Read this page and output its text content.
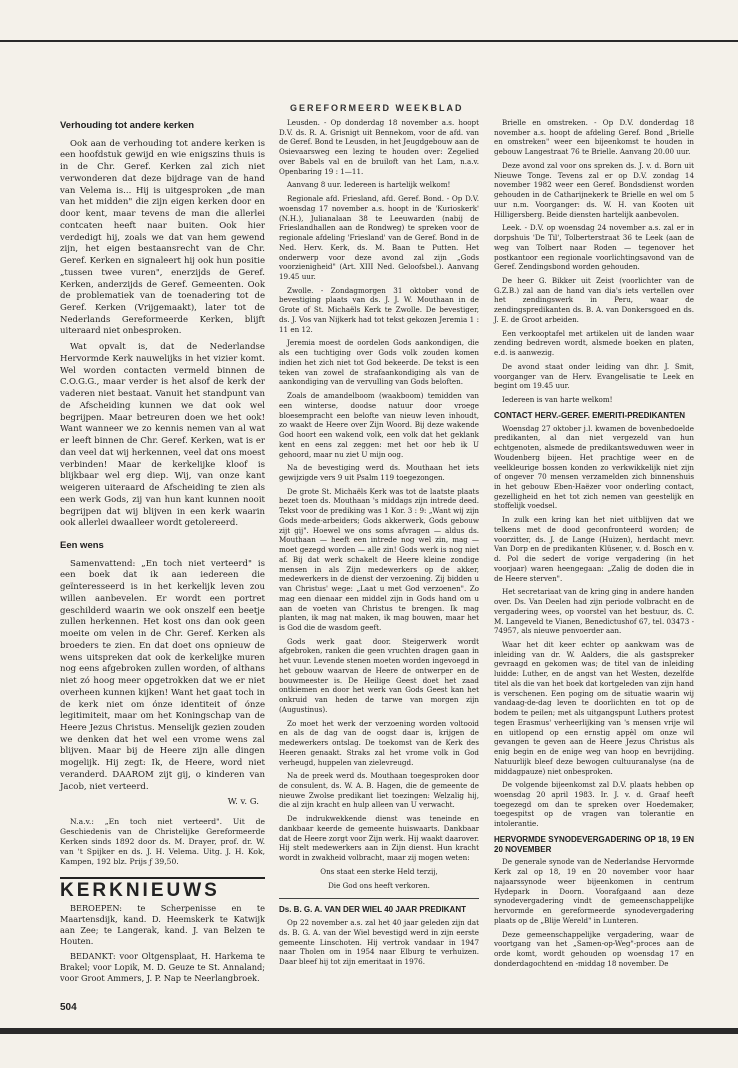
GEREFORMEERD WEEKBLAD
Verhouding tot andere kerken

Ook aan de verhouding tot andere kerken is een hoofdstuk gewijd en wie enigszins thuis is in de Chr. Geref. Kerken zal zich niet verwonderen dat deze bijdrage van de hand van Velema is... Hij is uitgesproken „de man van het midden" die zijn eigen kerken door en door kent, maar tevens de man die allerlei contcaten heeft naar buiten. Ook hier verdedigt hij, zoals we dat van hem gewend zijn, het eigen bestaansrecht van de Chr. Geref. Kerken en signaleert hij ook hun positie „tussen twee vuren", enerzijds de Geref. Kerken, anderzijds de Geref. Gemeenten. Ook de problematiek van de toenadering tot de Geref. Kerken (Vrijgemaakt), later tot de Nederlands Gereformeerde Kerken, blijft uiteraard niet onbesproken.

Wat opvalt is, dat de Nederlandse Hervormde Kerk nauwelijks in het vizier komt. Wel worden contacten vermeld binnen de C.O.G.G., maar verder is het alsof de kerk der vaderen niet bestaat. Vanuit het standpunt van de Afscheiding kunnen we dat ook wel begrijpen. Maar betreuren doen we het ook! Want wanneer we zo kennis nemen van al wat er leeft binnen de Chr. Geref. Kerken, wat is er dan veel dat wij herkennen, veel dat ons moest verbinden! Maar de kerkelijke kloof is blijkbaar wel erg diep. Wij, van onze kant weigeren uiteraard de Afscheiding te zien als een werk Gods, zij van hun kant kunnen nooit begrijpen dat wij blijven in een kerk waarin ook allerlei dwaalleer wordt getolereerd.

Een wens

Samenvattend: „En toch niet verteerd" is een boek dat ik aan iedereen die geïnteresseerd is in het kerkelijk leven zou willen aanbevelen. Er wordt een portret geschilderd waarin we ook onszelf een beetje zullen herkennen. Het kost ons dan ook geen moeite om velen in de Chr. Geref. Kerken als broeders te zien. En dat doet ons opnieuw de wens uitspreken dat ook de kerkelijke muren nog eens afgebroken zullen worden, of althans niet zó hoog meer opgetrokken dat we er niet overheen kunnen kijken! Want het gaat toch in de kerk niet om ónze identiteit of ónze legitimiteit, maar om het Koningschap van de Heere Jezus Christus. Menselijk gezien zouden we denken dat het wel een vrome wens zal blijven. Maar bij de Heere zijn alle dingen mogelijk. Hij zegt: Ik, de Heere, word niet veranderd. DAAROM zijt gij, o kinderen van Jacob, niet verteerd.

W. v. G.

N.a.v.: „En toch niet verteerd". Uit de Geschiedenis van de Christelijke Gereformeerde Kerken sinds 1892 door ds. M. Drayer, prof. dr. W. van 't Spijker en ds. J. H. Velema. Uitg. J. H. Kok, Kampen, 192 blz. Prijs ƒ 39,50.

KERKNIEUWS

BEROEPEN: te Scherpenisse en te Maartensdijk, kand. D. Heemskerk te Katwijk aan Zee; te Langerak, kand. J. van Belzen te Houten.

BEDANKT: voor Oltgensplaat, H. Harkema te Brakel; voor Lopik, M. D. Geuze te St. Annaland; voor Groot Ammers, J. P. Nap te Neerlangbroek.

Leusden. - Op donderdag 18 november a.s. hoopt D.V. ds. R. A. Grisnigt uit Bennekom, voor de afd. van de Geref. Bond te Leusden, in het Jeugdgebouw aan de Osievaarsweg een lezing te houden over: Zegelied over Babels val en de bruiloft van het Lam, n.a.v. Openbaring 19 : 1—11.

Aanvang 8 uur. Iedereen is hartelijk welkom!

Regionale afd. Friesland, afd. Geref. Bond. - Op D.V. woensdag 17 november a.s. hoopt in de 'Kurioskerk' (N.H.), Julianalaan 38 te Leeuwarden (nabij de Frieslandhallen aan de Rondweg) te spreken voor de regionale afdeling 'Friesland' van de Geref. Bond in de Ned. Herv. Kerk, ds. M. Baan te Putten. Het onderwerp voor deze avond zal zijn „Gods voorzienigheid" (Art. XIII Ned. Geloofsbel.). Aanvang 19.45 uur.

Zwolle. - Zondagmorgen 31 oktober vond de bevestiging plaats van ds. J. J. W. Mouthaan in de Grote of St. Michaëls Kerk te Zwolle. De bevestiger, ds. J. Vos van Nijkerk had tot tekst gekozen Jeremia 1 : 11 en 12.

Jeremia moest de oordelen Gods aankondigen, die als een tuchtiging over Gods volk zouden komen indien het zich niet tot God bekeerde. De tekst is een teken van zowel de strafaankondiging als van de aankondiging van de vervulling van Gods beloften.

Zoals de amandelboom (waakboom) temidden van een winterse, doodse natuur door vroege bloesempracht een belofte van nieuw leven inhoudt, zo waakt de Heere over Zijn Woord. Bij deze wakende God hoort een wakend volk, een volk dat het geklank kent en eens zal zeggen: met het oor heb ik U gehoord, maar nu ziet U mijn oog.

Na de bevestiging werd ds. Mouthaan het iets gewijzigde vers 9 uit Psalm 119 toegezongen.

De grote St. Michaëls Kerk was tot de laatste plaats bezet toen ds. Mouthaan 's middags zijn intrede deed. Tekst voor de prediking was 1 Kor. 3 : 9: „Want wij zijn Gods mede-arbeiders; Gods akkerwerk, Gods gebouw zijt gij". Hoewel we ons soms afvragen — aldus ds. Mouthaan — heeft een intrede nog wel zin, mag — moet gezegd worden — alle zin! Gods werk is nog niet af. Bij dat werk schakelt de Heere kleine zondige mensen in als Zijn medewerkers op de akker, medewerkers in de dienst der verzoening. Zij bidden u van Christus' wege: „Laat u met God verzoenen". Zo mag een dienaar een middel zijn in Gods hand om u aan de voeten van Christus te brengen. Ik mag planten, ik mag nat maken, ik mag bouwen, maar het is God die de wasdom geeft.

Gods werk gaat door. Steigerwerk wordt afgebroken, ranken die geen vruchten dragen gaan in het vuur. Levende stenen moeten worden ingevoegd in het gebouw waarvan de Heere de ontwerper en de bouwmeester is. De Heilige Geest doet het zaad ontkiemen en door het werk van Gods Geest kan het onkruid van heden de tarwe van morgen zijn (Augustinus).

Zo moet het werk der verzoening worden voltooid en als de dag van de oogst daar is, krijgen de medewerkers ontslag. De toekomst van de Kerk des Heeren genaakt. Straks zal het vrome volk in God verheugd, huppelen van zielevreugd.

Na de preek werd ds. Mouthaan toegesproken door de consulent, ds. W. A. B. Hagen, die de gemeente de nieuwe Zwolse predikant liet toezingen: Welzalig hij, die al zijn kracht en hulp alleen van U verwacht.

De indrukwekkende dienst was teneinde en dankbaar keerde de gemeente huiswaarts. Dankbaar dat de Heere zorgt voor Zijn werk. Hij waakt daarover. Hij stelt medewerkers aan in Zijn dienst. Hun kracht wordt in zwakheid volbracht, maar zij mogen weten:

Ons staat een sterke Held terzij,

Die God ons heeft verkoren.

Ds. B. G. A. VAN DER WIEL 40 JAAR PREDIKANT

Op 22 november a.s. zal het 40 jaar geleden zijn dat ds. B. G. A. van der Wiel bevestigd werd in zijn eerste gemeente Linschoten. Hij vertrok vandaar in 1947 naar Tholen om in 1954 naar Elburg te verhuizen. Daar bleef hij tot zijn emeritaat in 1976.

Brielle en omstreken. - Op D.V. donderdag 18 november a.s. hoopt de afdeling Geref. Bond „Brielle en omstreken" weer een bijeenkomst te houden in gebouw Langestraat 76 te Brielle. Aanvang 20.00 uur.

Deze avond zal voor ons spreken ds. J. v. d. Born uit Nieuwe Tonge. Tevens zal er op D.V. zondag 14 november 1982 weer een Geref. Bondsdienst worden gehouden in de Catharijnekerk te Brielle en wel om 5 uur n.m. Voorganger: ds. W. H. van Kooten uit Hilligersberg. Beide diensten hartelijk aanbevolen.

Leek. - D.V. op woensdag 24 november a.s. zal er in dorpshuis 'De Til', Tolberterstraat 36 te Leek (aan de weg van Tolbert naar Roden — tegenover het postkantoor een regionale voorlichtingsavond van de Geref. Zendingsbond worden gehouden.

De heer G. Bikker uit Zeist (voorlichter van de G.Z.B.) zal aan de hand van dia's iets vertellen over het zendingswerk in Peru, waar de zendingspredikanten ds. B. A. van Donkersgoed en ds. J. E. de Groot arbeiden.

Een verkooptafel met artikelen uit de landen waar zending bedreven wordt, alsmede boeken en platen, e.d. is aanwezig.

De avond staat onder leiding van dhr. J. Smit, voorganger van de Herv. Evangelisatie te Leek en begint om 19.45 uur.

Iedereen is van harte welkom!

CONTACT HERV.-GEREF. EMERITI-PREDIKANTEN

Woensdag 27 oktober j.l. kwamen de bovenbedoelde predikanten, al dan niet vergezeld van hun echtgenoten, alsmede de predikantsweduwen weer in Woudenberg bijeen. Het prachtige weer en de veelkleurige bossen konden zo verkwikkelijk niet zijn of ongever 70 mensen verzamelden zich binnenshuis in het gebouw Eben-Haëzer voor onderling contact, gezelligheid en het tot zich nemen van geestelijk en stoffelijk voedsel.

In zulk een kring kan het niet uitblijven dat we telkens met de dood geconfronteerd worden; de voorzitter, ds. J. de Lange (Huizen), herdacht mevr. Van Dorp en de predikanten Klüsener, v. d. Bosch en v. d. Pol die sedert de vorige vergadering (in het voorjaar) waren heengegaan: „Zalig de doden die in de Heere sterven".

Het secretariaat van de kring ging in andere handen over. Ds. Van Deelen had zijn periode volbracht en de vergadering wees, op voorstel van het bestuur, ds. C. M. Langeveld te Vianen, Benedictushof 67, tel. 03473 - 74957, als nieuwe penvoerder aan.

Waar het dit keer echter op aankwam was de inleiding van dr. W. Aalders, die als gastspreker gevraagd en gekomen was; de titel van de inleiding luidde: Luther, en de angst van het Westen, dezelfde titel als die van het boek dat kortgeleden van zijn hand is verschenen. Een poging om de situatie waarin wij vandaag-de-dag leven te doorlichten en tot op de bodem te peilen; met als uitgangspunt Luthers protest tegen Erasmus' verheerlijking van 's mensen vrije wil en uitlopend op een ernstig appèl om onze wil gevangen te geven aan de Heere Jezus Christus als enig begin en de enige weg van hoop en bevrijding. Natuurlijk bleef deze bewogen cultuuranalyse (na de middagpauze) niet onbesproken.

De volgende bijeenkomst zal D.V. plaats hebben op woensdag 20 april 1983. Ir. J. v. d. Graaf heeft toegezegd om dan te spreken over Hoedemaker, toegespitst op de vragen van tolerantie en intolerantie.

HERVORMDE SYNODEVERGADERING OP 18, 19 EN 20 NOVEMBER

De generale synode van de Nederlandse Hervormde Kerk zal op 18, 19 en 20 november voor haar najaarssynode weer bijeenkomen in centrum Hydepark in Doorn. Voorafgaand aan deze synodevergadering vindt de gemeenschappelijke hervormde en gereformeerde synodevergadering plaats op de „Blije Wereld" in Lunteren.

Deze gemeenschappelijke vergadering, waar de voortgang van het „Samen-op-Weg"-proces aan de orde komt, wordt gehouden op woensdag 17 en donderdagochtend en -middag 18 november. De

504
